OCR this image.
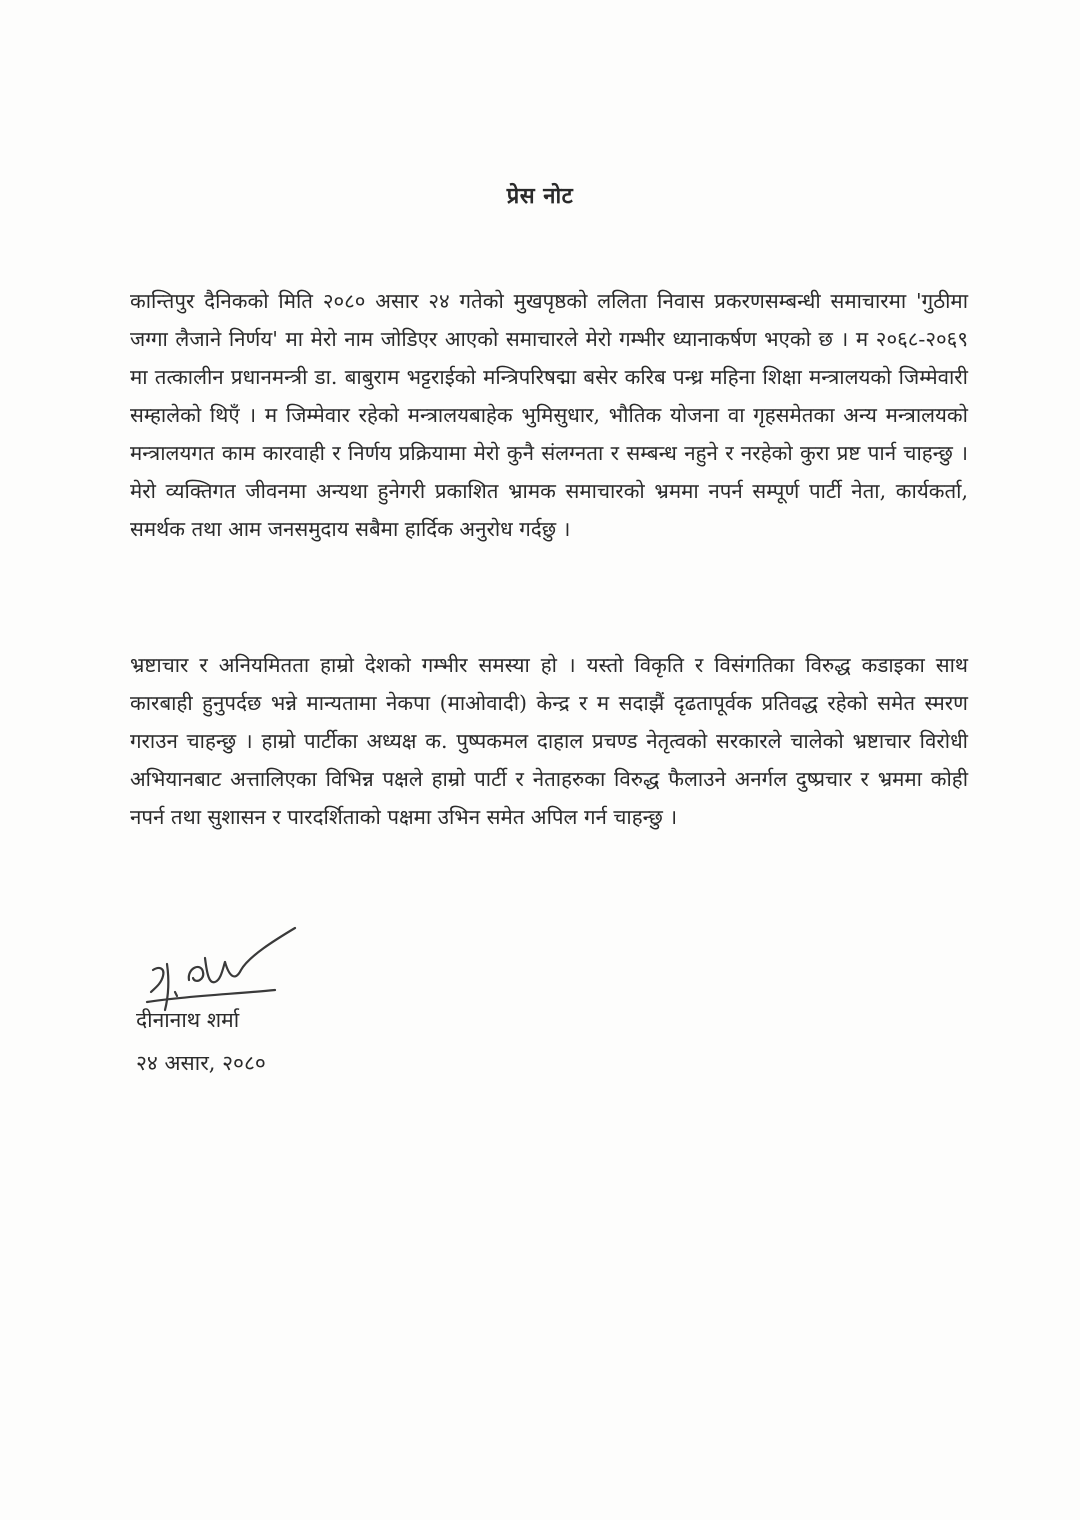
प्रेस नोट

कान्तिपुर दैनिकको मिति २०८० असार २४ गतेको मुखपृष्ठको ललिता निवास प्रकरणसम्बन्धी समाचारमा 'गुठीमा जग्गा लैजाने निर्णय' मा मेरो नाम जोडिएर आएको समाचारले मेरो गम्भीर ध्यानाकर्षण भएको छ । म २०६८-२०६९ मा तत्कालीन प्रधानमन्त्री डा. बाबुराम भट्टराईको मन्त्रिपरिषद्मा बसेर करिब पन्ध्र महिना शिक्षा मन्त्रालयको जिम्मेवारी सम्हालेको थिएँ । म जिम्मेवार रहेको मन्त्रालयबाहेक भुमिसुधार, भौतिक योजना वा गृहसमेतका अन्य मन्त्रालयको मन्त्रालयगत काम कारवाही र निर्णय प्रक्रियामा मेरो कुनै संलग्नता र सम्बन्ध नहुने र नरहेको कुरा प्रष्ट पार्न चाहन्छु । मेरो व्यक्तिगत जीवनमा अन्यथा हुनेगरी प्रकाशित भ्रामक समाचारको भ्रममा नपर्न सम्पूर्ण पार्टी नेता, कार्यकर्ता, समर्थक तथा आम जनसमुदाय सबैमा हार्दिक अनुरोध गर्दछु ।

भ्रष्टाचार र अनियमितता हाम्रो देशको गम्भीर समस्या हो । यस्तो विकृति र विसंगतिका विरुद्ध कडाइका साथ कारबाही हुनुपर्दछ भन्ने मान्यतामा नेकपा (माओवादी) केन्द्र र म सदाझैं दृढतापूर्वक प्रतिवद्ध रहेको समेत स्मरण गराउन चाहन्छु । हाम्रो पार्टीका अध्यक्ष क. पुष्पकमल दाहाल प्रचण्ड नेतृत्वको सरकारले चालेको भ्रष्टाचार विरोधी अभियानबाट अत्तालिएका विभिन्न पक्षले हाम्रो पार्टी र नेताहरुका विरुद्ध फैलाउने अनर्गल दुष्प्रचार र भ्रममा कोही नपर्न तथा सुशासन र पारदर्शिताको पक्षमा उभिन समेत अपिल गर्न चाहन्छु ।

दीनानाथ शर्मा
२४ असार, २०८०
